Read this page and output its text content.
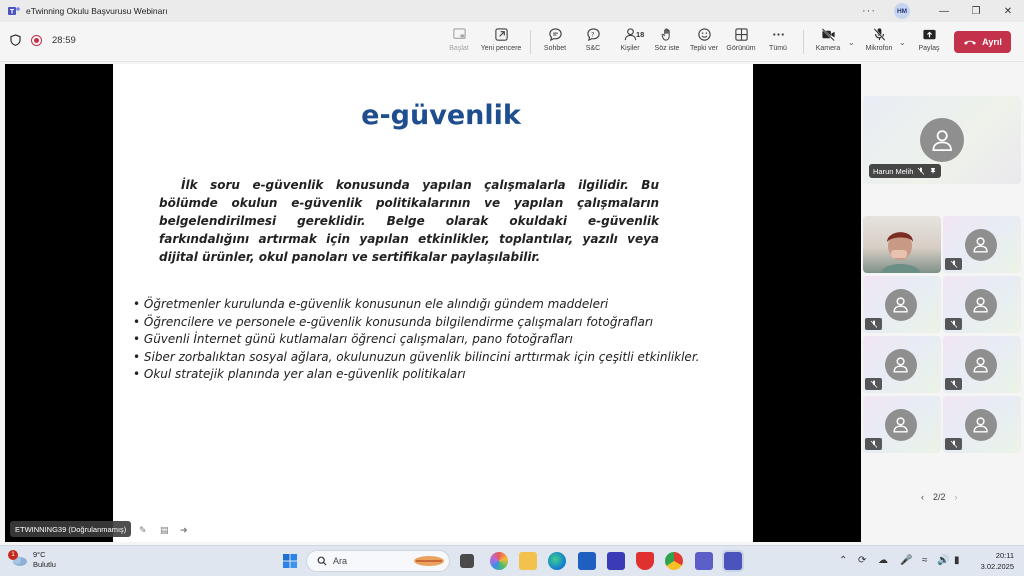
T eTwinning Okulu Başvurusu Webinarı	···	HM	—	❐	✕
28:59
Başlat Yeni pencere	Sohbet
?
S&C
18
Kişiler Söz iste Tepki ver Görünüm Tümü	Kamera
⌄
Mikrofon
⌄
Paylaş
Ayrıl
e-güvenlik
İlk soru e-güvenlik konusunda yapılan çalışmalarla ilgilidir. Bu bölümde okulun e-güvenlik politikalarının ve yapılan çalışmaların belgelendirilmesi gereklidir. Belge olarak okuldaki e-güvenlik farkındalığını artırmak için yapılan etkinlikler, toplantılar, yazılı veya dijital ürünler, okul panoları ve sertifikalar paylaşılabilir.
• Öğretmenler kurulunda e-güvenlik konusunun ele alındığı gündem maddeleri
• Öğrencilere ve personele e-güvenlik konusunda bilgilendirme çalışmaları fotoğrafları
• Güvenli İnternet günü kutlamaları öğrenci çalışmaları, pano fotoğrafları
• Siber zorbalıktan sosyal ağlara, okulunuzun güvenlik bilincini arttırmak için çeşitli etkinlikler.
• Okul stratejik planında yer alan e-güvenlik politikaları
ETWINNING39 (Doğrulanmamış)	✎ ▤ ➜
Harun Melih
‹ 2/2 ›
1	9°C
Bulutlu	Ara	⌃ ⟳ ☁ 🎤 ≈ 🔊 ▮	20:11
3.02.2025
